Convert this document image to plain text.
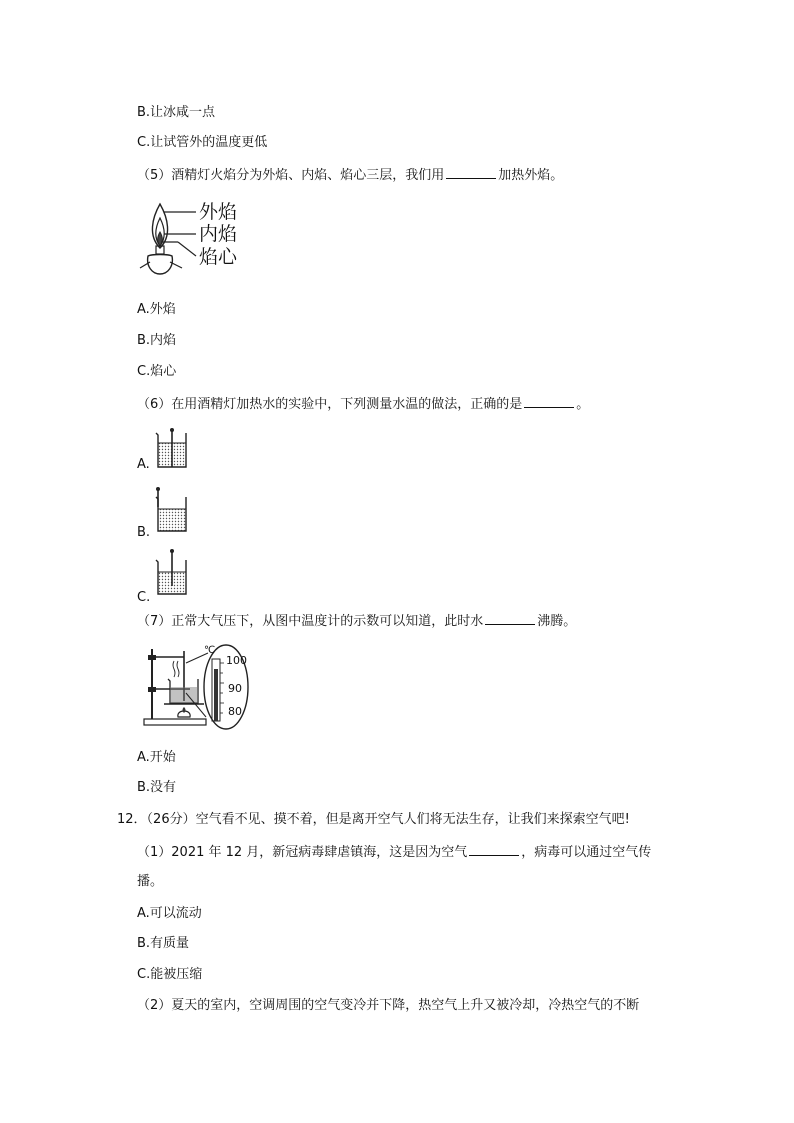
B.让冰咸一点
C.让试管外的温度更低
（5）酒精灯火焰分为外焰、内焰、焰心三层，我们用	加热外焰。
外焰
内焰
焰心
A.外焰
B.内焰
C.焰心
（6）在用酒精灯加热水的实验中，下列测量水温的做法，正确的是	。
A.
B.
C.
（7）正常大气压下，从图中温度计的示数可以知道，此时水	沸腾。
℃
100
90
80
A.开始
B.没有
12．（26分）空气看不见、摸不着，但是离开空气人们将无法生存，让我们来探索空气吧!
（1）2021 年 12 月，新冠病毒肆虐镇海，这是因为空气	，病毒可以通过空气传
播。
A.可以流动
B.有质量
C.能被压缩
（2）夏天的室内，空调周围的空气变冷并下降，热空气上升又被冷却，冷热空气的不断
